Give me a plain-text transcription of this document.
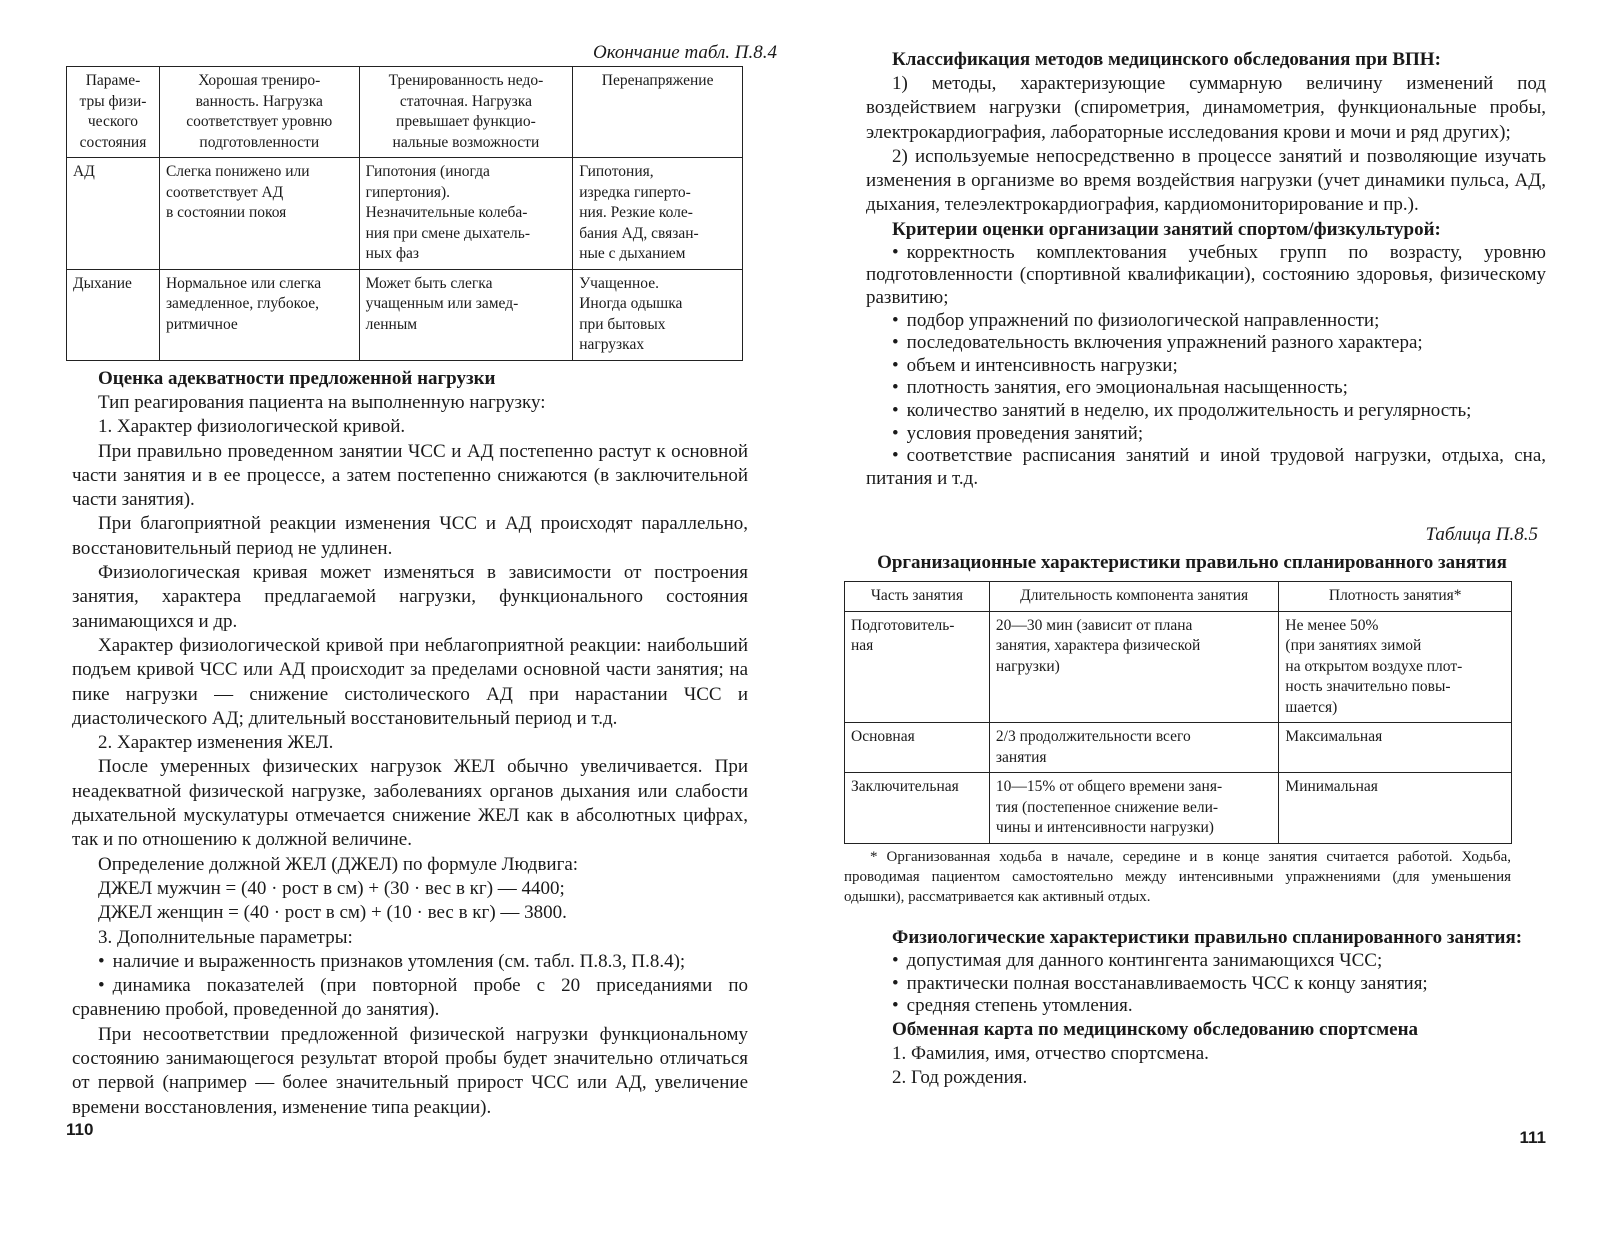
Окончание табл. П.8.4

Параме-
тры физи-
ческого
состояния	Хорошая трениро-
ванность. Нагрузка
соответствует уровню
подготовленности	Тренированность недо-
статочная. Нагрузка
превышает функцио-
нальные возможности	Перенапряжение
АД	Слегка понижено или
соответствует АД
в состоянии покоя	Гипотония (иногда
гипертония).
Незначительные колеба-
ния при смене дыхатель-
ных фаз	Гипотония,
изредка гиперто-
ния. Резкие коле-
бания АД, связан-
ные с дыханием
Дыхание	Нормальное или слегка
замедленное, глубокое,
ритмичное	Может быть слегка
учащенным или замед-
ленным	Учащенное.
Иногда одышка
при бытовых
нагрузках

Оценка адекватности предложенной нагрузки

Тип реагирования пациента на выполненную нагрузку:

1. Характер физиологической кривой.

При правильно проведенном занятии ЧСС и АД постепенно растут к основной части занятия и в ее процессе, а затем постепенно снижаются (в заключительной части занятия).

При благоприятной реакции изменения ЧСС и АД происходят параллельно, восстановительный период не удлинен.

Физиологическая кривая может изменяться в зависимости от построения занятия, характера предлагаемой нагрузки, функционального состояния занимающихся и др.

Характер физиологической кривой при неблагоприятной реакции: наибольший подъем кривой ЧСС или АД происходит за пределами основной части занятия; на пике нагрузки — снижение систолического АД при нарастании ЧСС и диастолического АД; длительный восстановительный период и т.д.

2. Характер изменения ЖЕЛ.

После умеренных физических нагрузок ЖЕЛ обычно увеличивается. При неадекватной физической нагрузке, заболеваниях органов дыхания или слабости дыхательной мускулатуры отмечается снижение ЖЕЛ как в абсолютных цифрах, так и по отношению к должной величине.

Определение должной ЖЕЛ (ДЖЕЛ) по формуле Людвига:

ДЖЕЛ мужчин = (40 · рост в см) + (30 · вес в кг) — 4400;

ДЖЕЛ женщин = (40 · рост в см) + (10 · вес в кг) — 3800.

3. Дополнительные параметры:

• наличие и выраженность признаков утомления (см. табл. П.8.3, П.8.4);
• динамика показателей (при повторной пробе с 20 приседаниями по сравнению пробой, проведенной до занятия).

При несоответствии предложенной физической нагрузки функциональному состоянию занимающегося результат второй пробы будет значительно отличаться от первой (например — более значительный прирост ЧСС или АД, увеличение времени восстановления, изменение типа реакции).

110

Классификация методов медицинского обследования при ВПН:

1) методы, характеризующие суммарную величину изменений под воздействием нагрузки (спирометрия, динамометрия, функциональные пробы, электрокардиография, лабораторные исследования крови и мочи и ряд других);

2) используемые непосредственно в процессе занятий и позволяющие изучать изменения в организме во время воздействия нагрузки (учет динамики пульса, АД, дыхания, телеэлектрокардиография, кардиомониторирование и пр.).

Критерии оценки организации занятий спортом/физкультурой:

• корректность комплектования учебных групп по возрасту, уровню подготовленности (спортивной квалификации), состоянию здоровья, физическому развитию;
• подбор упражнений по физиологической направленности;
• последовательность включения упражнений разного характера;
• объем и интенсивность нагрузки;
• плотность занятия, его эмоциональная насыщенность;
• количество занятий в неделю, их продолжительность и регулярность;
• условия проведения занятий;
• соответствие расписания занятий и иной трудовой нагрузки, отдыха, сна, питания и т.д.

Таблица П.8.5

Организационные характеристики правильно спланированного занятия

Часть занятия	Длительность компонента занятия	Плотность занятия*
Подготовитель-
ная	20—30 мин (зависит от плана
занятия, характера физической
нагрузки)	Не менее 50%
(при занятиях зимой
на открытом воздухе плот-
ность значительно повы-
шается)
Основная	2/3 продолжительности всего
занятия	Максимальная
Заключительная	10—15% от общего времени заня-
тия (постепенное снижение вели-
чины и интенсивности нагрузки)	Минимальная

* Организованная ходьба в начале, середине и в конце занятия считается работой. Ходьба, проводимая пациентом самостоятельно между интенсивными упражнениями (для уменьшения одышки), рассматривается как активный отдых.

Физиологические характеристики правильно спланированного занятия:

• допустимая для данного контингента занимающихся ЧСС;
• практически полная восстанавливаемость ЧСС к концу занятия;
• средняя степень утомления.

Обменная карта по медицинскому обследованию спортсмена

1. Фамилия, имя, отчество спортсмена.

2. Год рождения.

111
